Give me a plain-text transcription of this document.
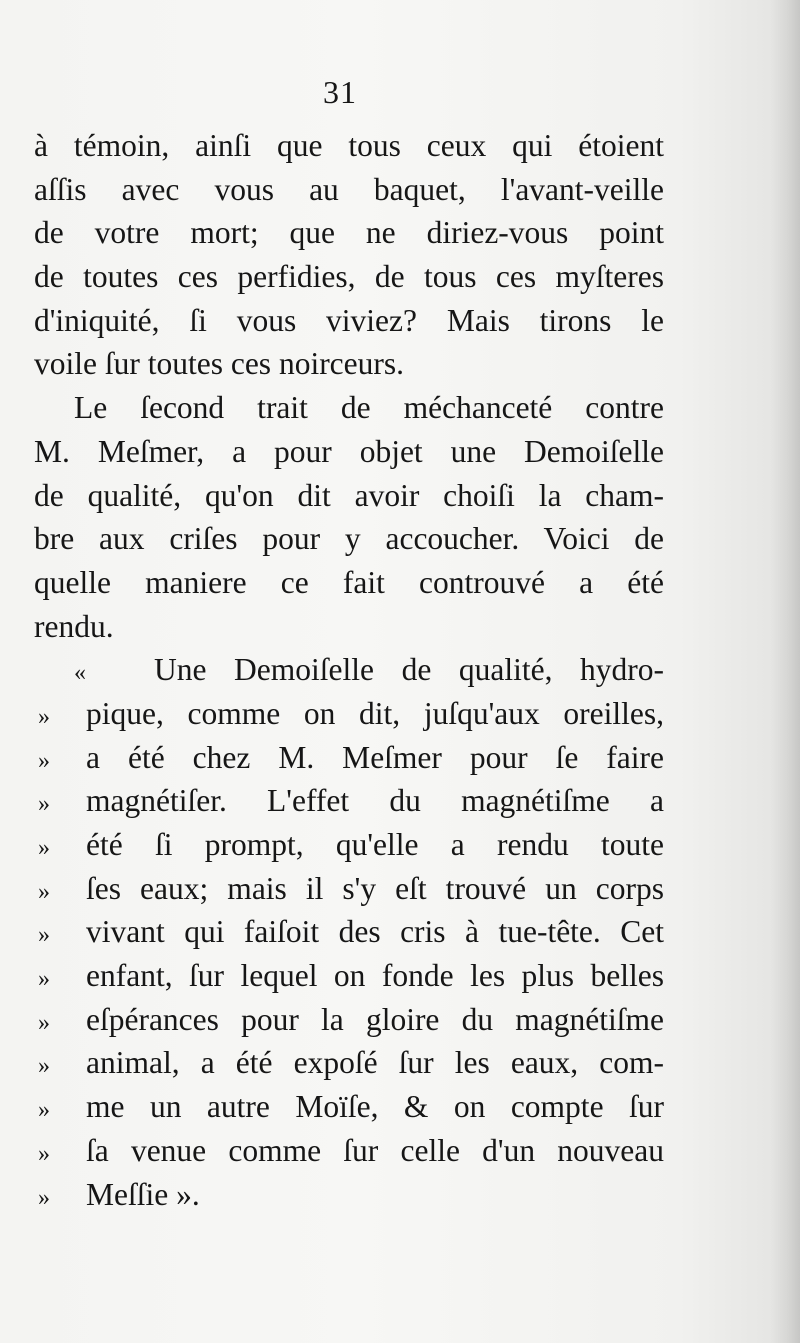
31
à témoin, ainſi que tous ceux qui étoient
aſſis avec vous au baquet, l'avant-veille
de votre mort; que ne diriez-vous point
de toutes ces perfidies, de tous ces myſteres
d'iniquité, ſi vous viviez? Mais tirons le
voile ſur toutes ces noirceurs.
Le ſecond trait de méchanceté contre
M. Meſmer, a pour objet une Demoiſelle
de qualité, qu'on dit avoir choiſi la cham-
bre aux criſes pour y accoucher. Voici de
quelle maniere ce fait controuvé a été
rendu.
«	Une Demoiſelle de qualité, hydro-
»	pique, comme on dit, juſqu'aux oreilles,
»	a été chez M. Meſmer pour ſe faire
»	magnétiſer. L'effet du magnétiſme a
»	été ſi prompt, qu'elle a rendu toute
»	ſes eaux; mais il s'y eſt trouvé un corps
»	vivant qui faiſoit des cris à tue-tête. Cet
»	enfant, ſur lequel on fonde les plus belles
»	eſpérances pour la gloire du magnétiſme
»	animal, a été expoſé ſur les eaux, com-
»	me un autre Moïſe, & on compte ſur
»	ſa venue comme ſur celle d'un nouveau
»	Meſſie ».
